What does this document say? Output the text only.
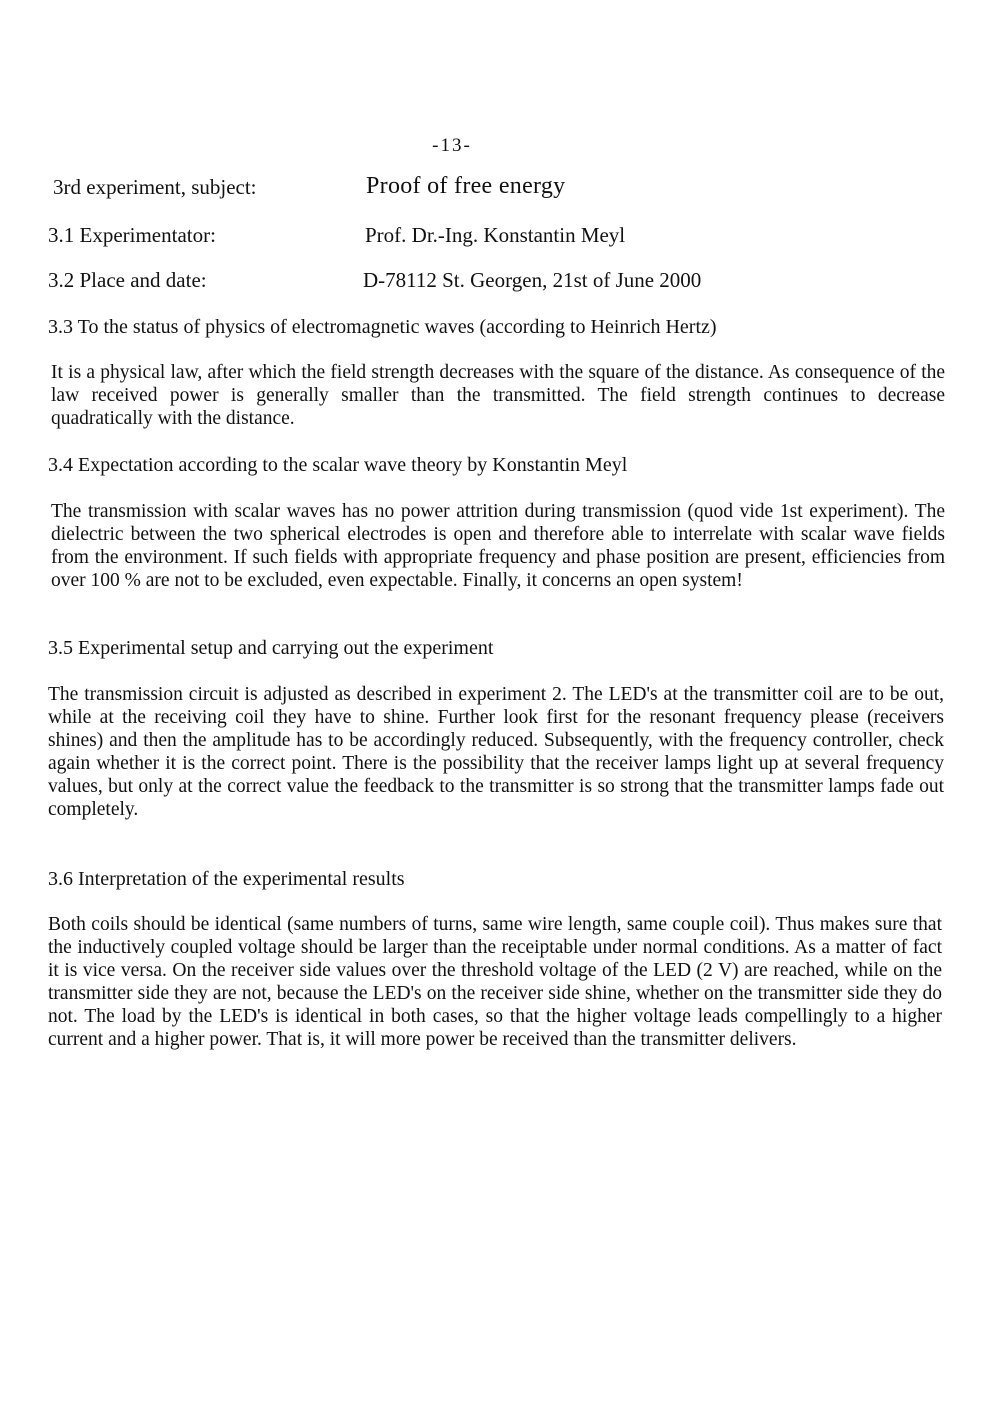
-13-
3rd experiment, subject:	Proof of free energy
3.1 Experimentator:	Prof. Dr.-Ing. Konstantin Meyl
3.2 Place and date:	D-78112 St. Georgen, 21st of June 2000
3.3 To the status of physics of electromagnetic waves (according to Heinrich Hertz)
It is a physical law, after which the field strength decreases with the square of the distance. As consequence of the law received power is generally smaller than the transmitted. The field strength continues to decrease quadratically with the distance.
3.4 Expectation according to the scalar wave theory by Konstantin Meyl
The transmission with scalar waves has no power attrition during transmission (quod vide 1st experiment). The dielectric between the two spherical electrodes is open and therefore able to interrelate with scalar wave fields from the environment. If such fields with appropriate frequency and phase position are present, efficiencies from over 100 % are not to be excluded, even expectable. Finally, it concerns an open system!
3.5 Experimental setup and carrying out the experiment
The transmission circuit is adjusted as described in experiment 2. The LED's at the transmitter coil are to be out, while at the receiving coil they have to shine. Further look first for the resonant frequency please (receivers shines) and then the amplitude has to be accordingly reduced. Subsequently, with the frequency controller, check again whether it is the correct point. There is the possibility that the receiver lamps light up at several frequency values, but only at the correct value the feedback to the transmitter is so strong that the transmitter lamps fade out completely.
3.6 Interpretation of the experimental results
Both coils should be identical (same numbers of turns, same wire length, same couple coil). Thus makes sure that the inductively coupled voltage should be larger than the receiptable under normal conditions. As a matter of fact it is vice versa. On the receiver side values over the threshold voltage of the LED (2 V) are reached, while on the transmitter side they are not, because the LED's on the receiver side shine, whether on the transmitter side they do not. The load by the LED's is identical in both cases, so that the higher voltage leads compellingly to a higher current and a higher power. That is, it will more power be received than the transmitter delivers.
